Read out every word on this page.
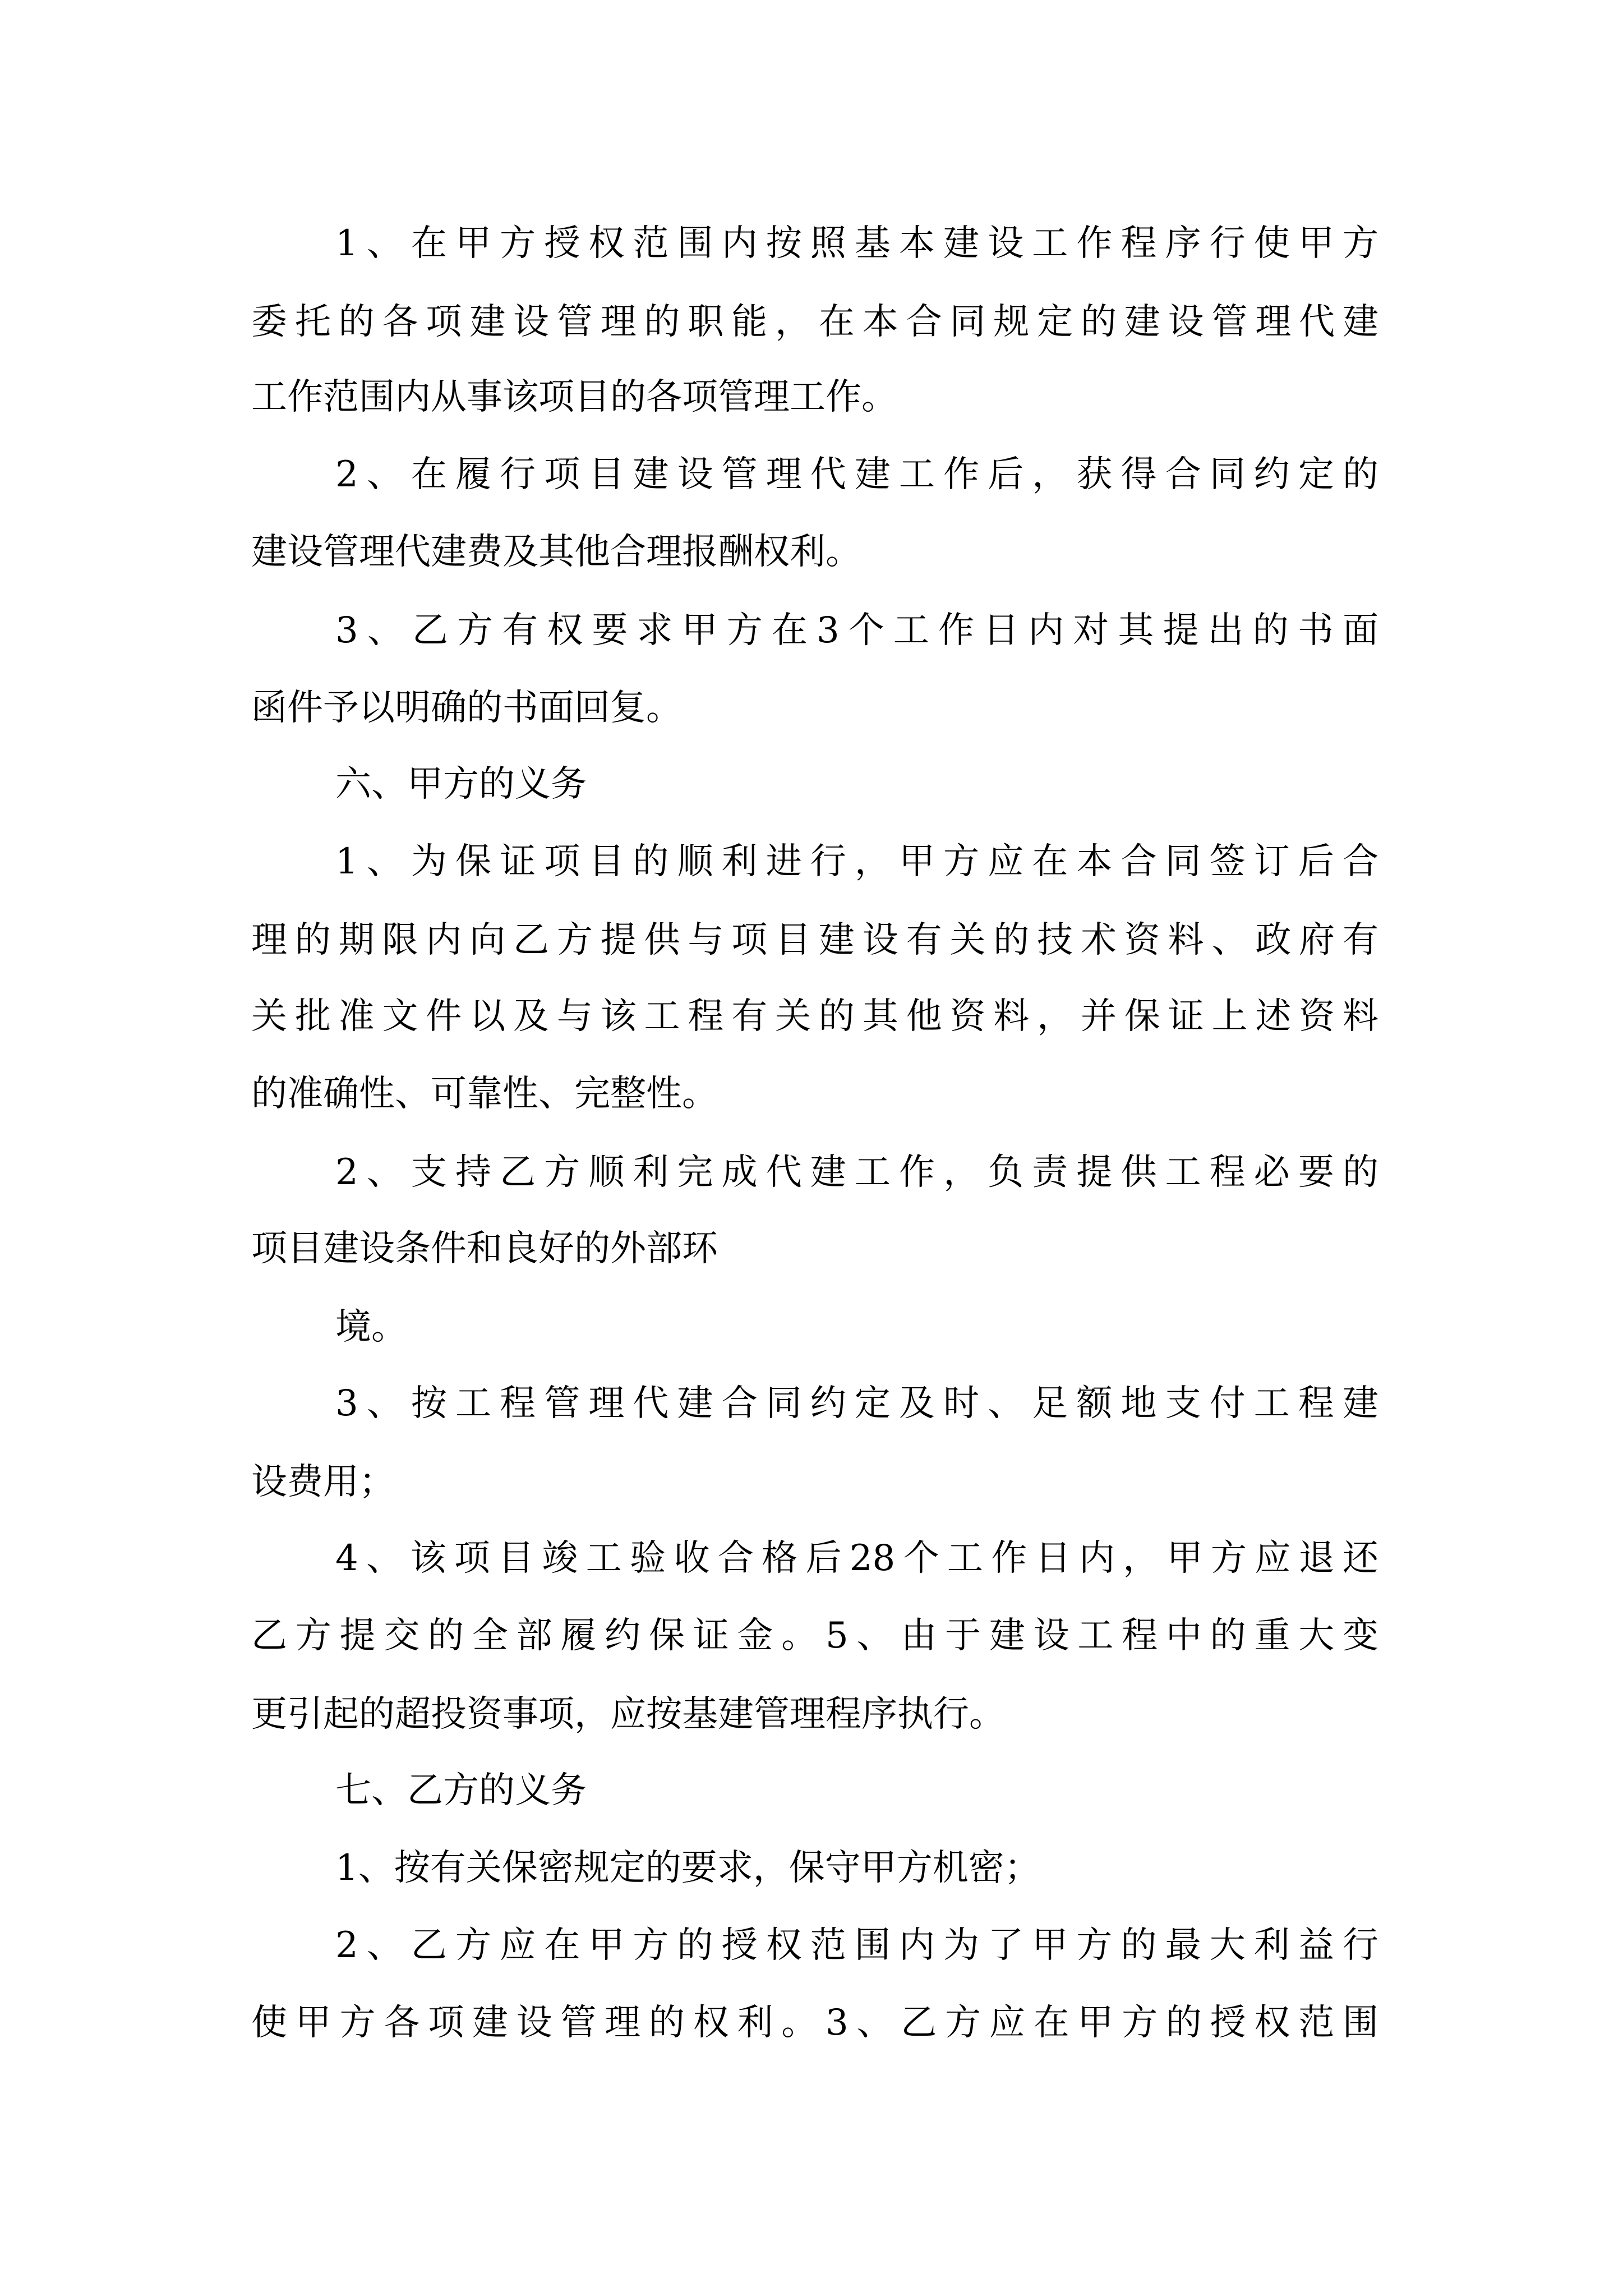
1、在甲方授权范围内按照基本建设工作程序行使甲方

委托的各项建设管理的职能，在本合同规定的建设管理代建

工作范围内从事该项目的各项管理工作。

2、在履行项目建设管理代建工作后，获得合同约定的

建设管理代建费及其他合理报酬权利。

3、乙方有权要求甲方在3个工作日内对其提出的书面

函件予以明确的书面回复。

六、甲方的义务

1、为保证项目的顺利进行，甲方应在本合同签订后合

理的期限内向乙方提供与项目建设有关的技术资料、政府有

关批准文件以及与该工程有关的其他资料，并保证上述资料

的准确性、可靠性、完整性。

2、支持乙方顺利完成代建工作，负责提供工程必要的

项目建设条件和良好的外部环

境。

3、按工程管理代建合同约定及时、足额地支付工程建

设费用；

4、该项目竣工验收合格后28个工作日内，甲方应退还

乙方提交的全部履约保证金。5、由于建设工程中的重大变

更引起的超投资事项，应按基建管理程序执行。

七、乙方的义务

1、按有关保密规定的要求，保守甲方机密；

2、乙方应在甲方的授权范围内为了甲方的最大利益行

使甲方各项建设管理的权利。3、乙方应在甲方的授权范围
